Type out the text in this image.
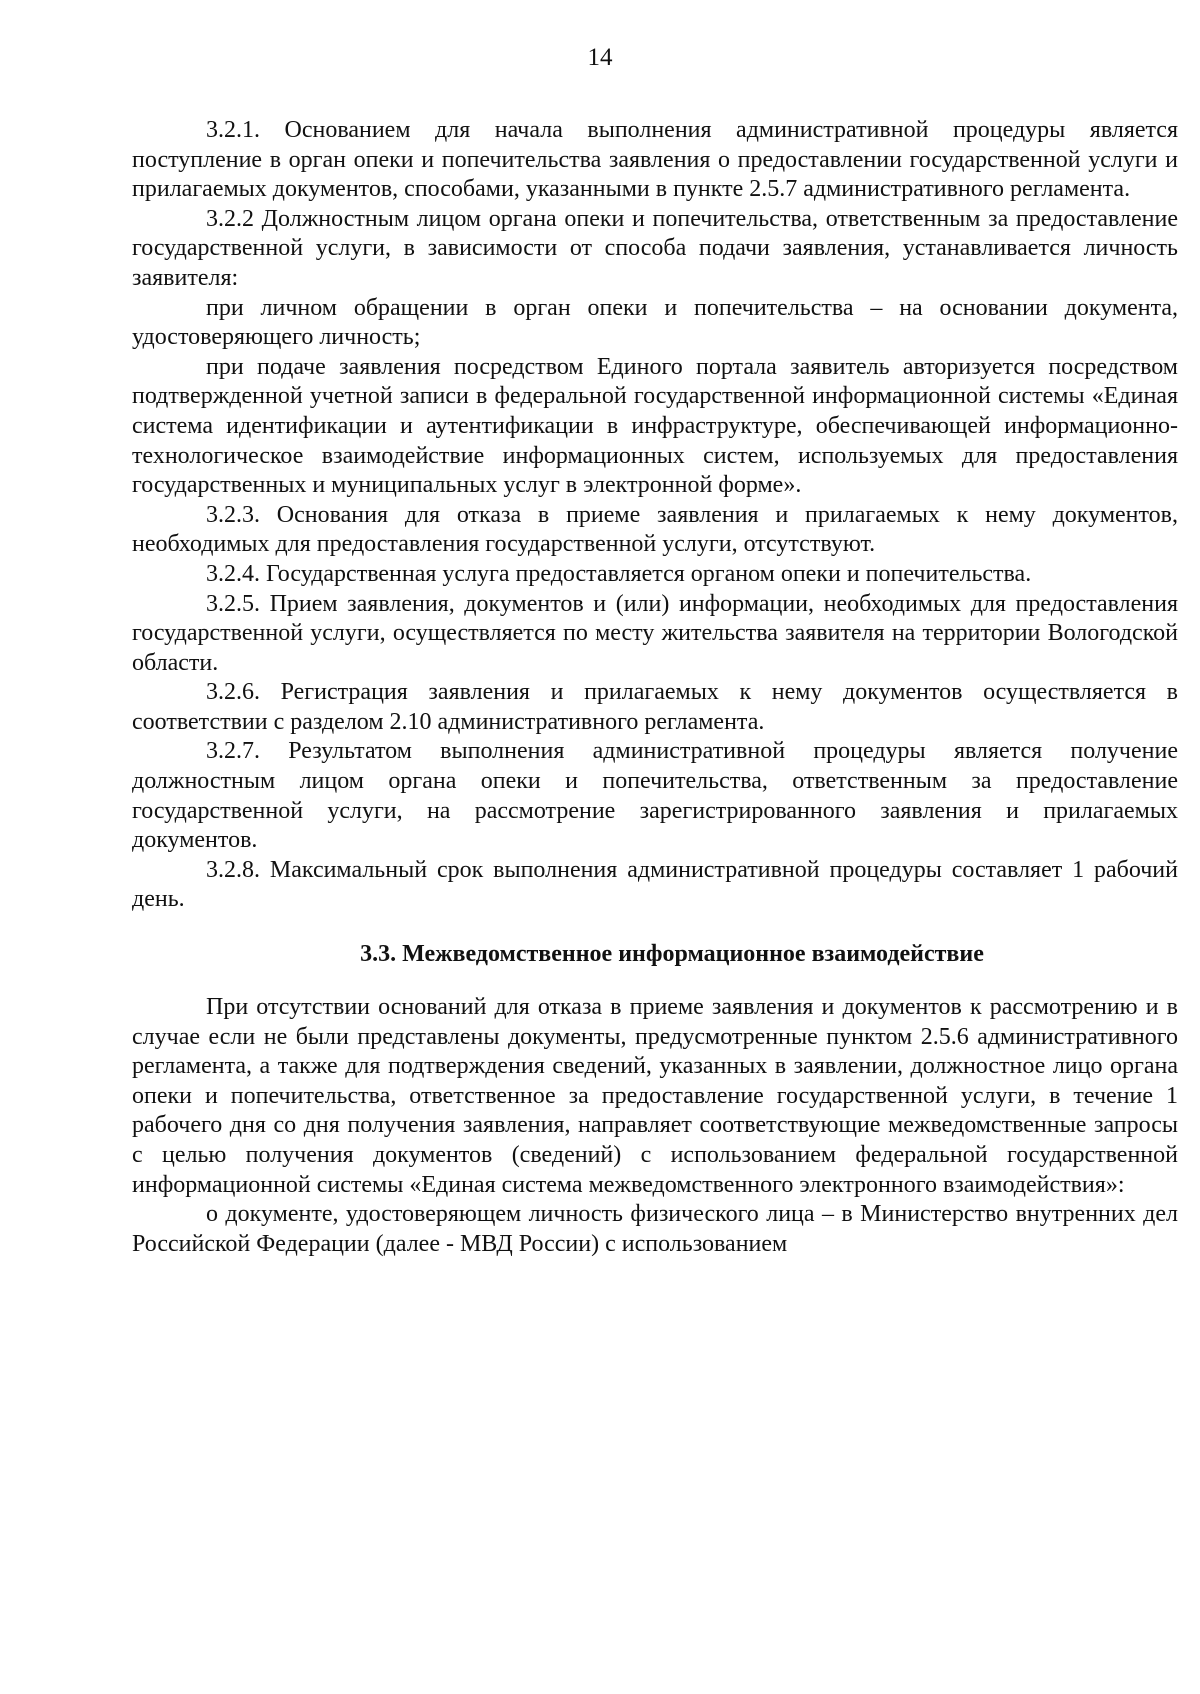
14

3.2.1. Основанием для начала выполнения административной процедуры является поступление в орган опеки и попечительства заявления о предоставлении государственной услуги и прилагаемых документов, способами, указанными в пункте 2.5.7 административного регламента.

3.2.2 Должностным лицом органа опеки и попечительства, ответственным за предоставление государственной услуги, в зависимости от способа подачи заявления, устанавливается личность заявителя:

при личном обращении в орган опеки и попечительства – на основании документа, удостоверяющего личность;

при подаче заявления посредством Единого портала заявитель авторизуется посредством подтвержденной учетной записи в федеральной государственной информационной системы «Единая система идентификации и аутентификации в инфраструктуре, обеспечивающей информационно-технологическое взаимодействие информационных систем, используемых для предоставления государственных и муниципальных услуг в электронной форме».

3.2.3. Основания для отказа в приеме заявления и прилагаемых к нему документов, необходимых для предоставления государственной услуги, отсутствуют.

3.2.4. Государственная услуга предоставляется органом опеки и попечительства.

3.2.5. Прием заявления, документов и (или) информации, необходимых для предоставления государственной услуги, осуществляется по месту жительства заявителя на территории Вологодской области.

3.2.6. Регистрация заявления и прилагаемых к нему документов осуществляется в соответствии с разделом 2.10 административного регламента.

3.2.7. Результатом выполнения административной процедуры является получение должностным лицом органа опеки и попечительства, ответственным за предоставление государственной услуги, на рассмотрение зарегистрированного заявления и прилагаемых документов.

3.2.8. Максимальный срок выполнения административной процедуры составляет 1 рабочий день.

3.3. Межведомственное информационное взаимодействие

При отсутствии оснований для отказа в приеме заявления и документов к рассмотрению и в случае если не были представлены документы, предусмотренные пунктом 2.5.6 административного регламента, а также для подтверждения сведений, указанных в заявлении, должностное лицо органа опеки и попечительства, ответственное за предоставление государственной услуги, в течение 1 рабочего дня со дня получения заявления, направляет соответствующие межведомственные запросы с целью получения документов (сведений) с использованием федеральной государственной информационной системы «Единая система межведомственного электронного взаимодействия»:

о документе, удостоверяющем личность физического лица – в Министерство внутренних дел Российской Федерации (далее - МВД России) с использованием
